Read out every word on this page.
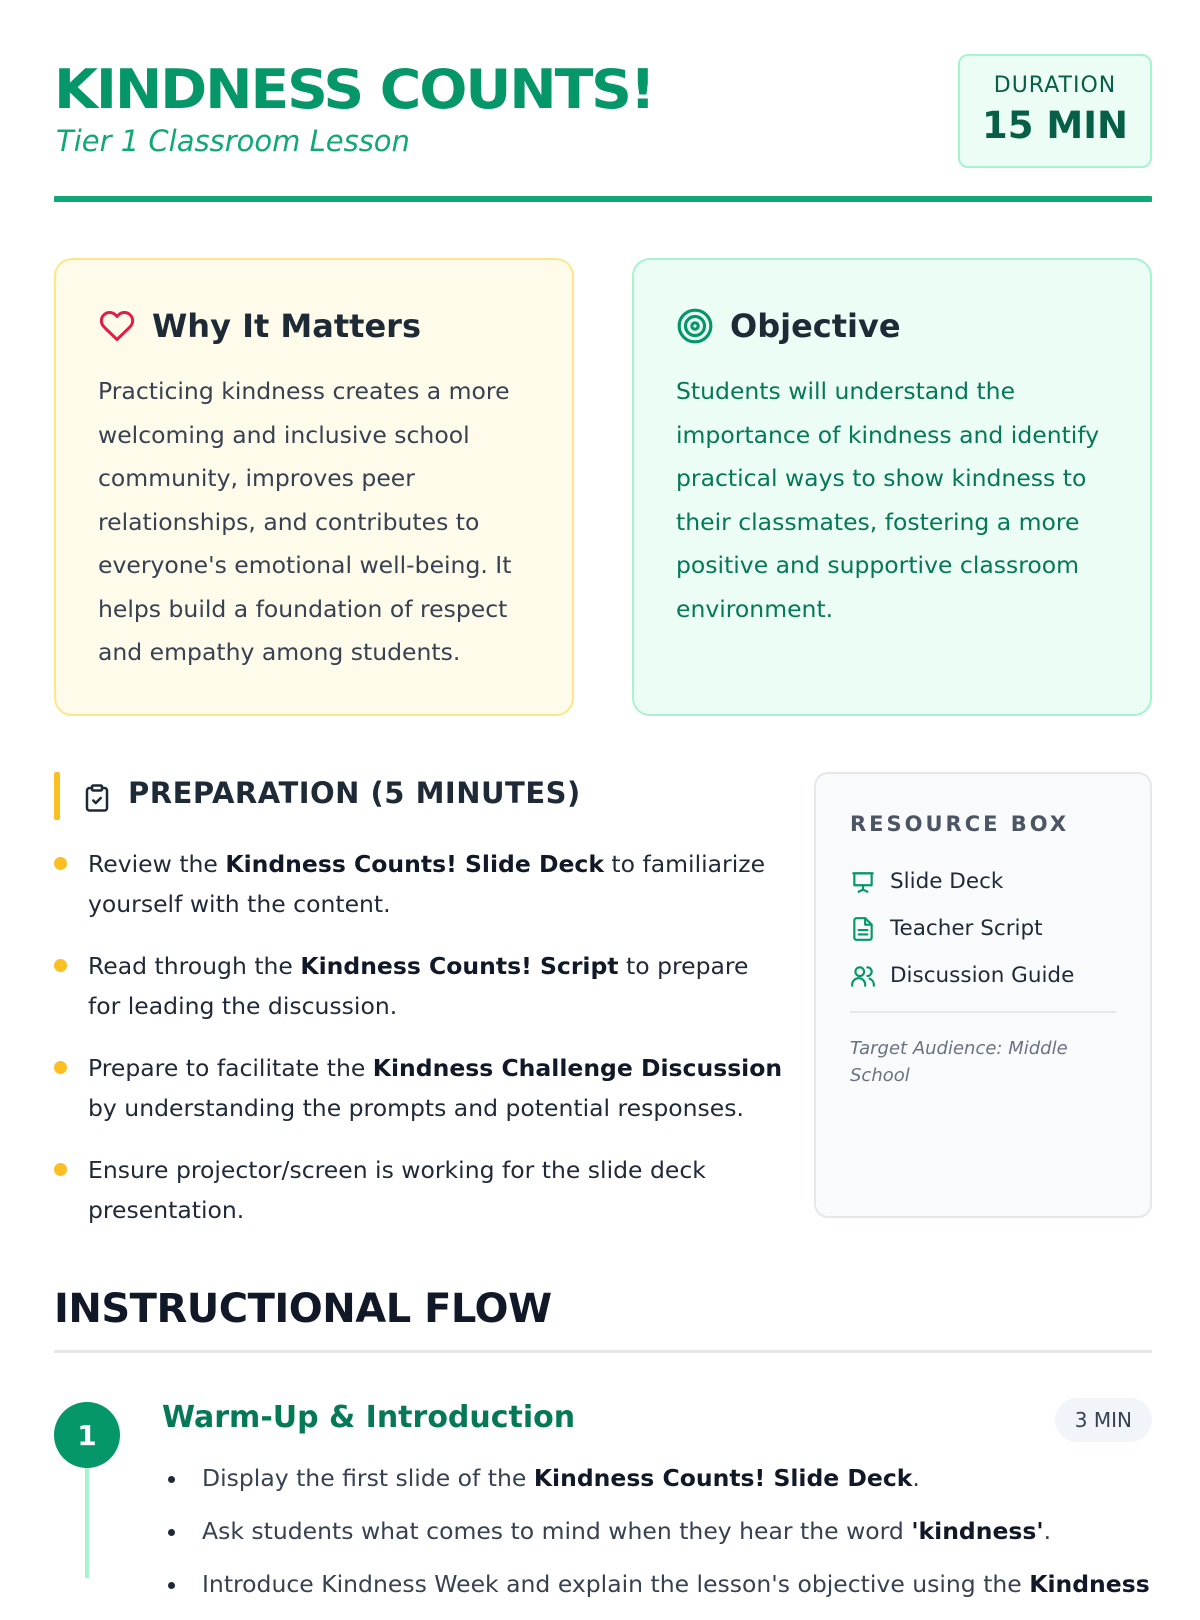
KINDNESS COUNTS!
Tier 1 Classroom Lesson
DURATION
15 MIN
Why It Matters

Practicing kindness creates a more welcoming and inclusive school community, improves peer relationships, and contributes to everyone's emotional well-being. It helps build a foundation of respect and empathy among students.

Objective

Students will understand the importance of kindness and identify practical ways to show kindness to their classmates, fostering a more positive and supportive classroom environment.

PREPARATION (5 MINUTES)
Review the Kindness Counts! Slide Deck to familiarize yourself with the content.
Read through the Kindness Counts! Script to prepare for leading the discussion.
Prepare to facilitate the Kindness Challenge Discussion by understanding the prompts and potential responses.
Ensure projector/screen is working for the slide deck presentation.
RESOURCE BOX
Slide Deck
Teacher Script
Discussion Guide
Target Audience: Middle School
INSTRUCTIONAL FLOW
1	Warm-Up & Introduction	3 MIN
Display the first slide of the Kindness Counts! Slide Deck.
Ask students what comes to mind when they hear the word 'kindness'.
Introduce Kindness Week and explain the lesson's objective using the Kindness
